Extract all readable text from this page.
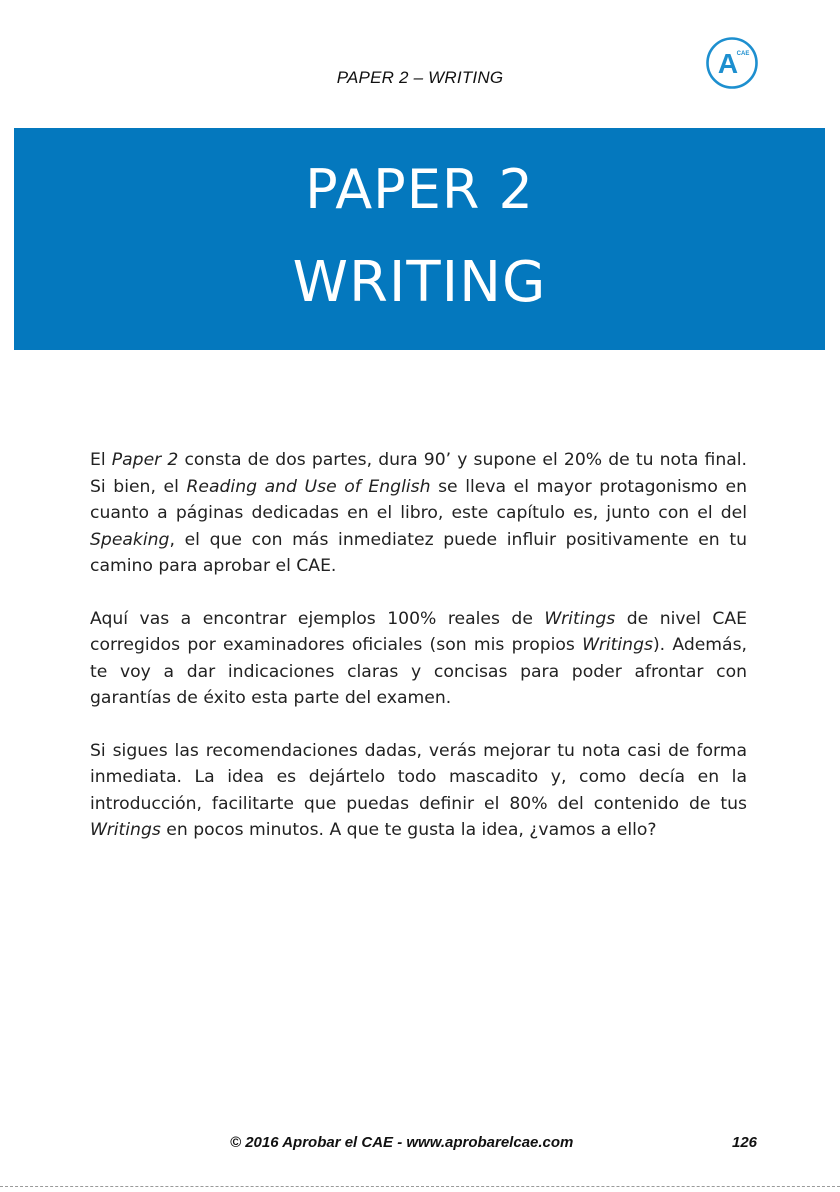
PAPER 2 – WRITING	A
CAE
PAPER 2
WRITING

El Paper 2 consta de dos partes, dura 90’ y supone el 20% de tu nota final. Si bien, el Reading and Use of English se lleva el mayor protagonismo en cuanto a páginas dedicadas en el libro, este capítulo es, junto con el del Speaking, el que con más inmediatez puede influir positivamente en tu camino para aprobar el CAE.

Aquí vas a encontrar ejemplos 100% reales de Writings de nivel CAE corregidos por examinadores oficiales (son mis propios Writings). Además, te voy a dar indicaciones claras y concisas para poder afrontar con garantías de éxito esta parte del examen.

Si sigues las recomendaciones dadas, verás mejorar tu nota casi de forma inmediata. La idea es dejártelo todo mascadito y, como decía en la introducción, facilitarte que puedas definir el 80% del contenido de tus Writings en pocos minutos. A que te gusta la idea, ¿vamos a ello?

© 2016 Aprobar el CAE - www.aprobarelcae.com	126
